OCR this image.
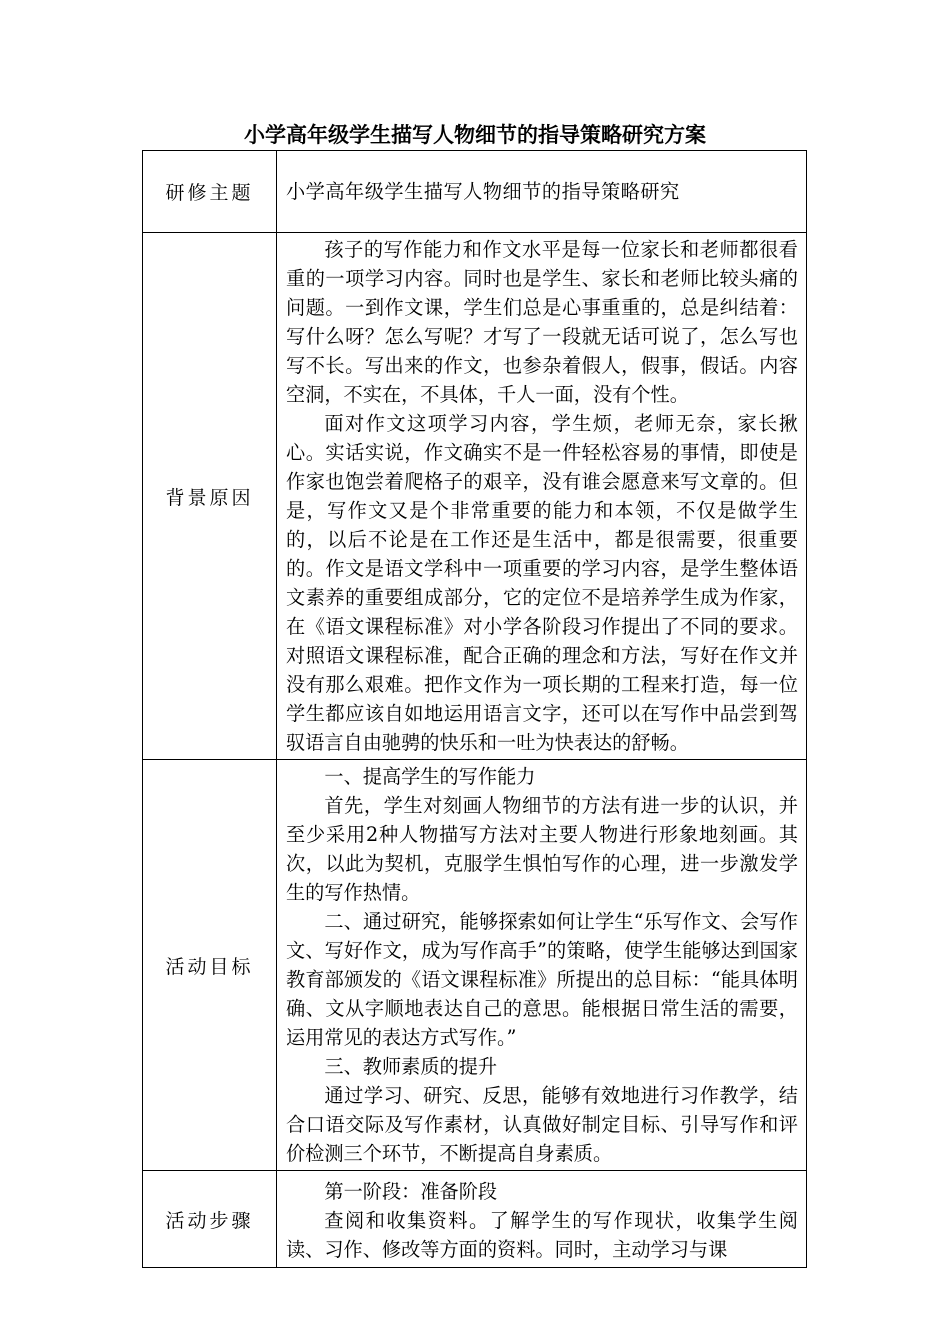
小学高年级学生描写人物细节的指导策略研究方案
研修主题	小学高年级学生描写人物细节的指导策略研究
背景原因	孩子的写作能力和作文水平是每一位家长和老师都很看重的一项学习内容。同时也是学生、家长和老师比较头痛的问题。一到作文课，学生们总是心事重重的，总是纠结着：写什么呀？怎么写呢？才写了一段就无话可说了，怎么写也写不长。写出来的作文，也参杂着假人，假事，假话。内容空洞，不实在，不具体，千人一面，没有个性。

面对作文这项学习内容，学生烦，老师无奈，家长揪心。实话实说，作文确实不是一件轻松容易的事情，即使是作家也饱尝着爬格子的艰辛，没有谁会愿意来写文章的。但是，写作文又是个非常重要的能力和本领，不仅是做学生的，以后不论是在工作还是生活中，都是很需要，很重要的。作文是语文学科中一项重要的学习内容，是学生整体语文素养的重要组成部分，它的定位不是培养学生成为作家，在《语文课程标准》对小学各阶段习作提出了不同的要求。对照语文课程标准，配合正确的理念和方法，写好在作文并没有那么艰难。把作文作为一项长期的工程来打造，每一位学生都应该自如地运用语言文字，还可以在写作中品尝到驾驭语言自由驰骋的快乐和一吐为快表达的舒畅。

活动目标	一、提高学生的写作能力

首先，学生对刻画人物细节的方法有进一步的认识，并至少采用2种人物描写方法对主要人物进行形象地刻画。其次，以此为契机，克服学生惧怕写作的心理，进一步激发学生的写作热情。

二、通过研究，能够探索如何让学生“乐写作文、会写作文、写好作文，成为写作高手”的策略，使学生能够达到国家教育部颁发的《语文课程标准》所提出的总目标：“能具体明确、文从字顺地表达自己的意思。能根据日常生活的需要，运用常见的表达方式写作。”

三、教师素质的提升

通过学习、研究、反思，能够有效地进行习作教学，结合口语交际及写作素材，认真做好制定目标、引导写作和评价检测三个环节，不断提高自身素质。

活动步骤	第一阶段：准备阶段

查阅和收集资料。了解学生的写作现状，收集学生阅读、习作、修改等方面的资料。同时，主动学习与课
